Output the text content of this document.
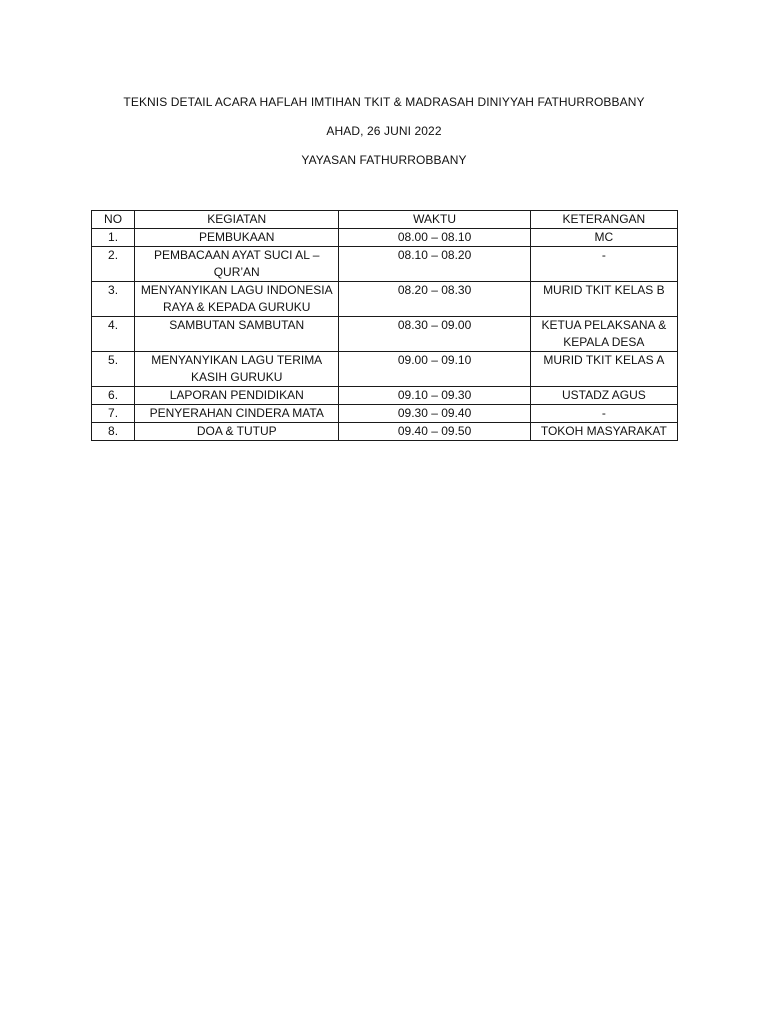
TEKNIS DETAIL ACARA HAFLAH IMTIHAN TKIT & MADRASAH DINIYYAH FATHURROBBANY
AHAD, 26 JUNI 2022
YAYASAN FATHURROBBANY
NO	KEGIATAN	WAKTU	KETERANGAN
1.	PEMBUKAAN	08.00 – 08.10	MC
2.	PEMBACAAN AYAT SUCI AL – QUR’AN	08.10 – 08.20	-
3.	MENYANYIKAN LAGU INDONESIA RAYA & KEPADA GURUKU	08.20 – 08.30	MURID TKIT KELAS B
4.	SAMBUTAN SAMBUTAN	08.30 – 09.00	KETUA PELAKSANA & KEPALA DESA
5.	MENYANYIKAN LAGU TERIMA KASIH GURUKU	09.00 – 09.10	MURID TKIT KELAS A
6.	LAPORAN PENDIDIKAN	09.10 – 09.30	USTADZ AGUS
7.	PENYERAHAN CINDERA MATA	09.30 – 09.40	-
8.	DOA & TUTUP	09.40 – 09.50	TOKOH MASYARAKAT
